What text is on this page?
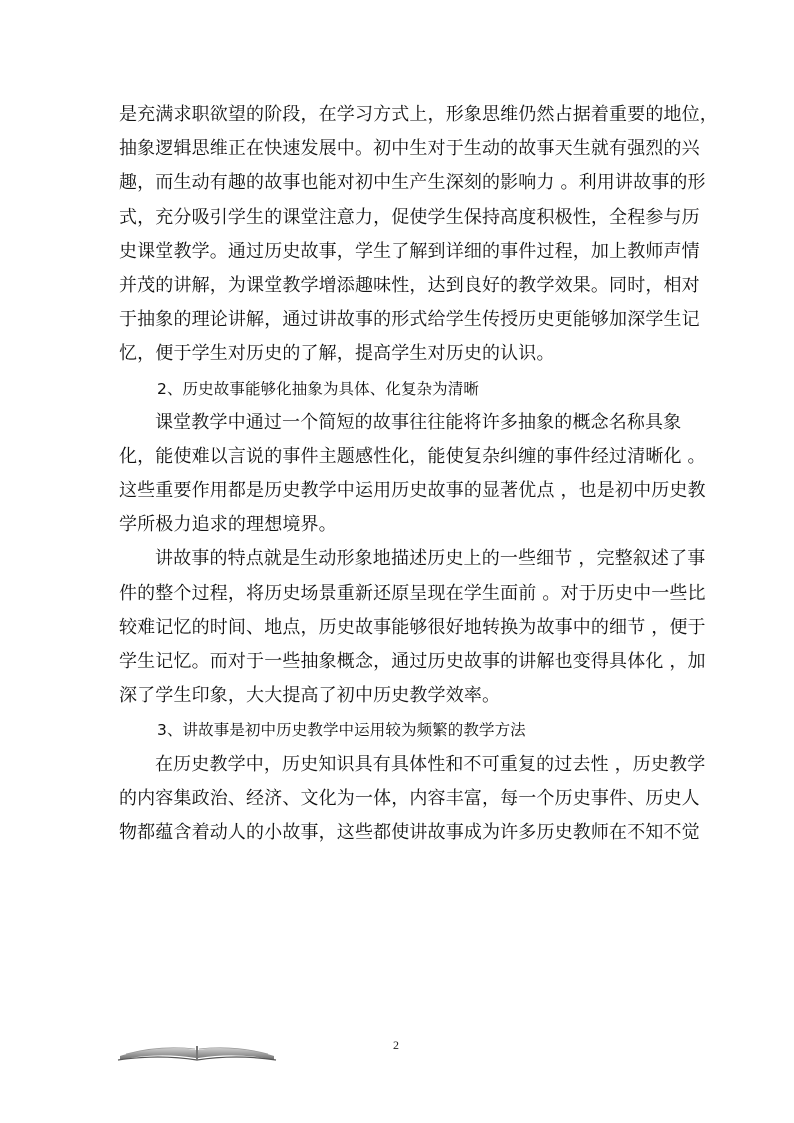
是充满求职欲望的阶段，在学习方式上，形象思维仍然占据着重要的地位，
抽象逻辑思维正在快速发展中。初中生对于生动的故事天生就有强烈的兴
趣，而生动有趣的故事也能对初中生产生深刻的影响力 。利用讲故事的形
式，充分吸引学生的课堂注意力，促使学生保持高度积极性，全程参与历
史课堂教学。通过历史故事，学生了解到详细的事件过程，加上教师声情
并茂的讲解，为课堂教学增添趣味性，达到良好的教学效果。同时，相对
于抽象的理论讲解，通过讲故事的形式给学生传授历史更能够加深学生记
忆，便于学生对历史的了解，提高学生对历史的认识。
2、历史故事能够化抽象为具体、化复杂为清晰
课堂教学中通过一个简短的故事往往能将许多抽象的概念名称具象
化，能使难以言说的事件主题感性化，能使复杂纠缠的事件经过清晰化 。
这些重要作用都是历史教学中运用历史故事的显著优点 ，也是初中历史教
学所极力追求的理想境界。
讲故事的特点就是生动形象地描述历史上的一些细节 ，完整叙述了事
件的整个过程，将历史场景重新还原呈现在学生面前 。对于历史中一些比
较难记忆的时间、地点，历史故事能够很好地转换为故事中的细节 ，便于
学生记忆。而对于一些抽象概念，通过历史故事的讲解也变得具体化 ，加
深了学生印象，大大提高了初中历史教学效率。
3、讲故事是初中历史教学中运用较为频繁的教学方法
在历史教学中，历史知识具有具体性和不可重复的过去性 ，历史教学
的内容集政治、经济、文化为一体，内容丰富，每一个历史事件、历史人
物都蕴含着动人的小故事，这些都使讲故事成为许多历史教师在不知不觉
2
